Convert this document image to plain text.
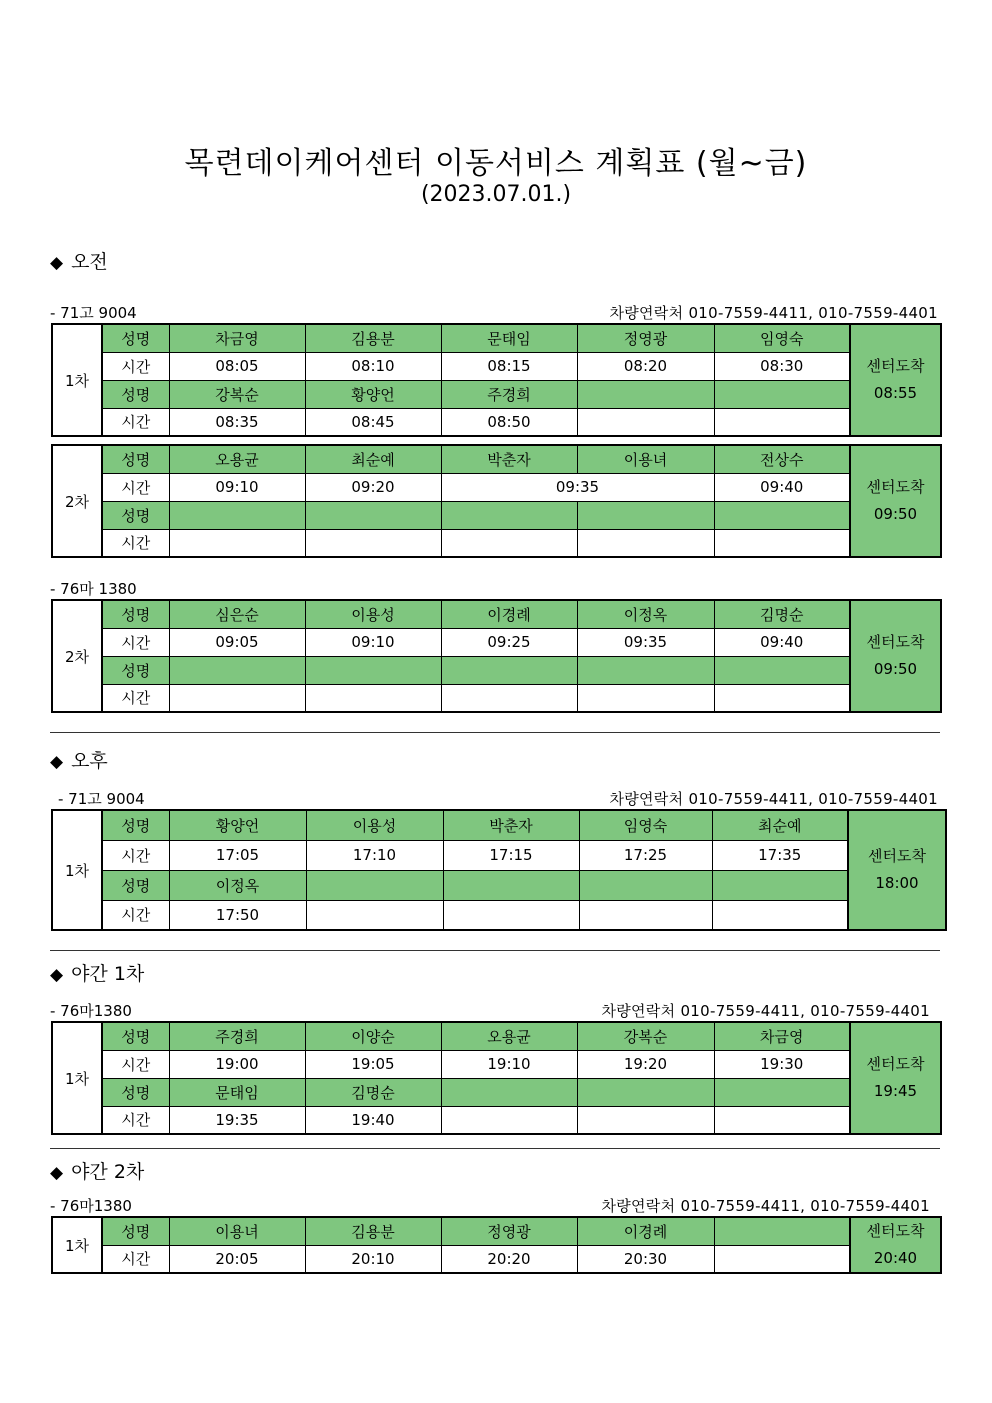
목련데이케어센터 이동서비스 계획표 (월~금)
(2023.07.01.)
◆ 오전
- 71고 9004	차량연락처 010-7559-4411, 010-7559-4401
1차	성명	차금영	김용분	문태임	정영광	임영숙	센터도착
08:55
	시간	08:05	08:10	08:15	08:20	08:30	
	성명	강복순	황양언	주경희			
	시간	08:35	08:45	08:50			
2차	성명	오용균	최순예	박춘자	이용녀	전상수	센터도착
09:50
	시간	09:10	09:20	09:35		09:40	
	성명						
	시간						
- 76마 1380
2차	성명	심은순	이용성	이경례	이정옥	김명순	센터도착
09:50
	시간	09:05	09:10	09:25	09:35	09:40	
	성명						
	시간						
◆ 오후
- 71고 9004	차량연락처 010-7559-4411, 010-7559-4401
1차	성명	황양언	이용성	박춘자	임영숙	최순예	센터도착
18:00
	시간	17:05	17:10	17:15	17:25	17:35	
	성명	이정옥					
	시간	17:50					
◆ 야간 1차
- 76마1380	차량연락처 010-7559-4411, 010-7559-4401
1차	성명	주경희	이양순	오용균	강복순	차금영	센터도착
19:45
	시간	19:00	19:05	19:10	19:20	19:30	
	성명	문태임	김명순				
	시간	19:35	19:40				
◆ 야간 2차
- 76마1380	차량연락처 010-7559-4411, 010-7559-4401
1차	성명	이용녀	김용분	정영광	이경례		센터도착
20:40
	시간	20:05	20:10	20:20	20:30		
